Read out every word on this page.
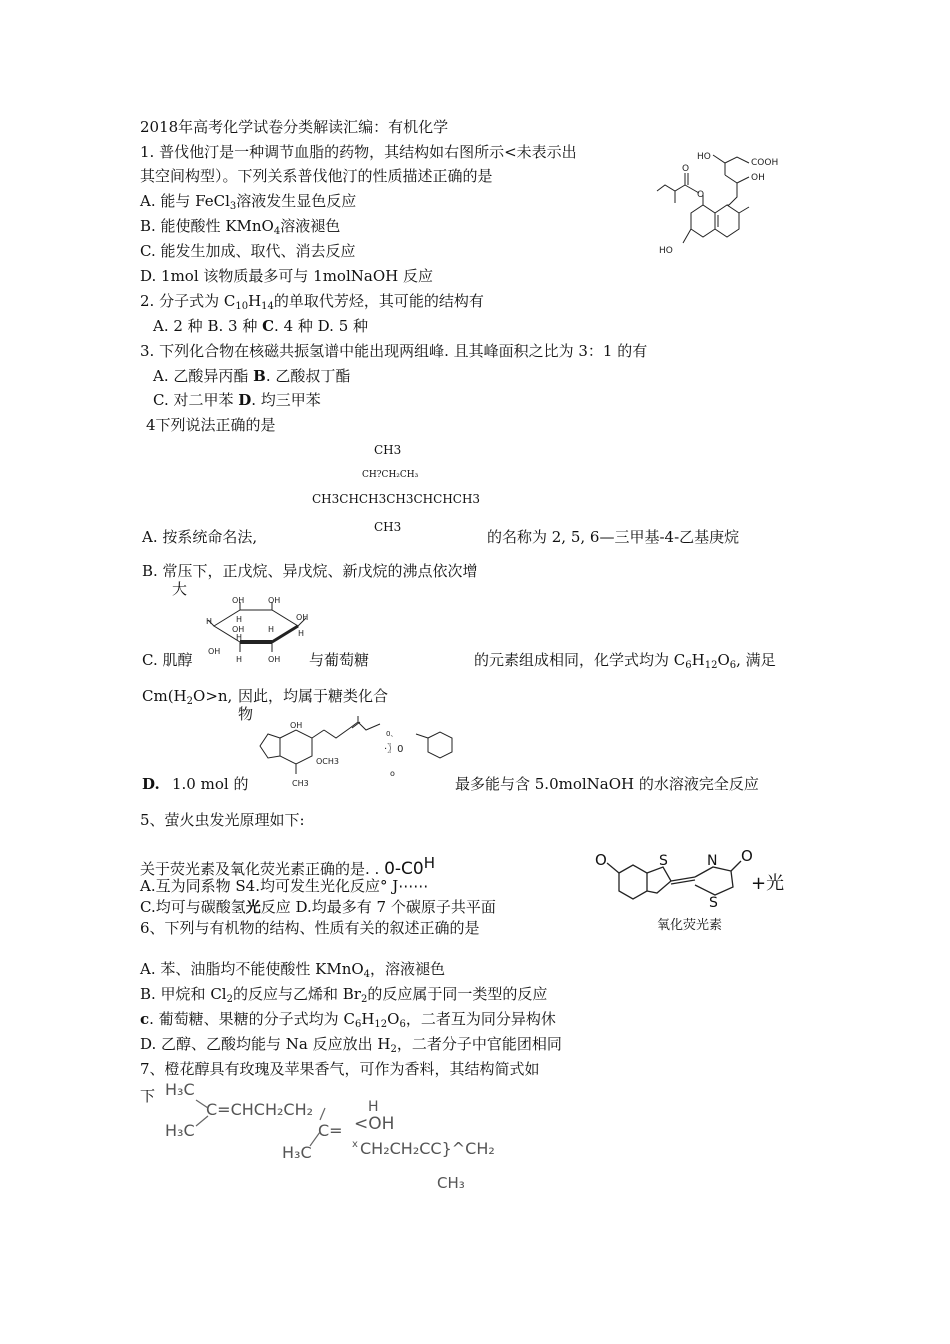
2018年高考化学试卷分类解读汇编：有机化学
1. 普伐他汀是一种调节血脂的药物，其结构如右图所示<未表示出
其空间构型）。下列关系普伐他汀的性质描述正确的是
A. 能与 FeCl$_3$溶液发生显色反应
B. 能使酸性 KMnO$_4$溶液褪色
C. 能发生加成、取代、消去反应
D. 1mol 该物质最多可与 1molNaOH 反应
HO
COOH
OH
O
O
HO
2. 分子式为 $C_{10}H_{14}$的单取代芳烃，其可能的结构有
A. 2 种 B. 3 种 C. 4 种 D. 5 种
3. 下列化合物在核磁共振氢谱中能出现两组峰. 且其峰面积之比为 3：1 的有
A. 乙酸异丙酯 B. 乙酸叔丁酯
C. 对二甲苯 D. 均三甲苯
4下列说法正确的是
CH3
CH?CH₂CH₃
CH3CHCH3CH3CHCHCH3
CH3
A. 按系统命名法,	的名称为 2, 5, 6—三甲基-4-乙基庚烷
B. 常压下，正戊烷、异戊烷、新戊烷的沸点依次增
大
OH	OH
H	H	OH
OH
H
H
OH
H	OH
H
C. 肌醇	与葡萄糖	的元素组成相同，化学式均为 $C_6H_{12}O_6$, 满足
$Cm(H_2O>n$, 因此，均属于糖类化合
物
OH
OCH3
CH3
0、
·〗0
o
D. 1.0 mol 的	最多能与含 5.0molNaOH 的水溶液完全反应
5、萤火虫发光原理如下:
关于荧光素及氧化荧光素正确的是. . $0-C0^H$
A.互为同系物 S4.均可发生光化反应° J⋯⋯
C.均可与碳酸氢光反应 D.均最多有 7 个碳原子共平面
O	S	N O
S
+光
氧化荧光素
6、下列与有机物的结构、性质有关的叙述正确的是
A. 苯、油脂均不能使酸性 KMnO$_4$，溶液褪色
B. 甲烷和 $Cl_2$的反应与乙烯和 $Br_2$的反应属于同一类型的反应
c. 葡萄糖、果糖的分子式均为 $C_6H_{12}O_6$，二者互为同分异构休
D. 乙醇、乙酸均能与 Na 反应放出 $H_2$，二者分子中官能团相同
7、橙花醇具有玫瑰及苹果香气，可作为香料，其结构简式如
下 H₃C
C=CHCH₂CH₂
H₃C	C=
H₃C
H
<OH
x CH₂CH₂CC}^CH₂
CH₃
